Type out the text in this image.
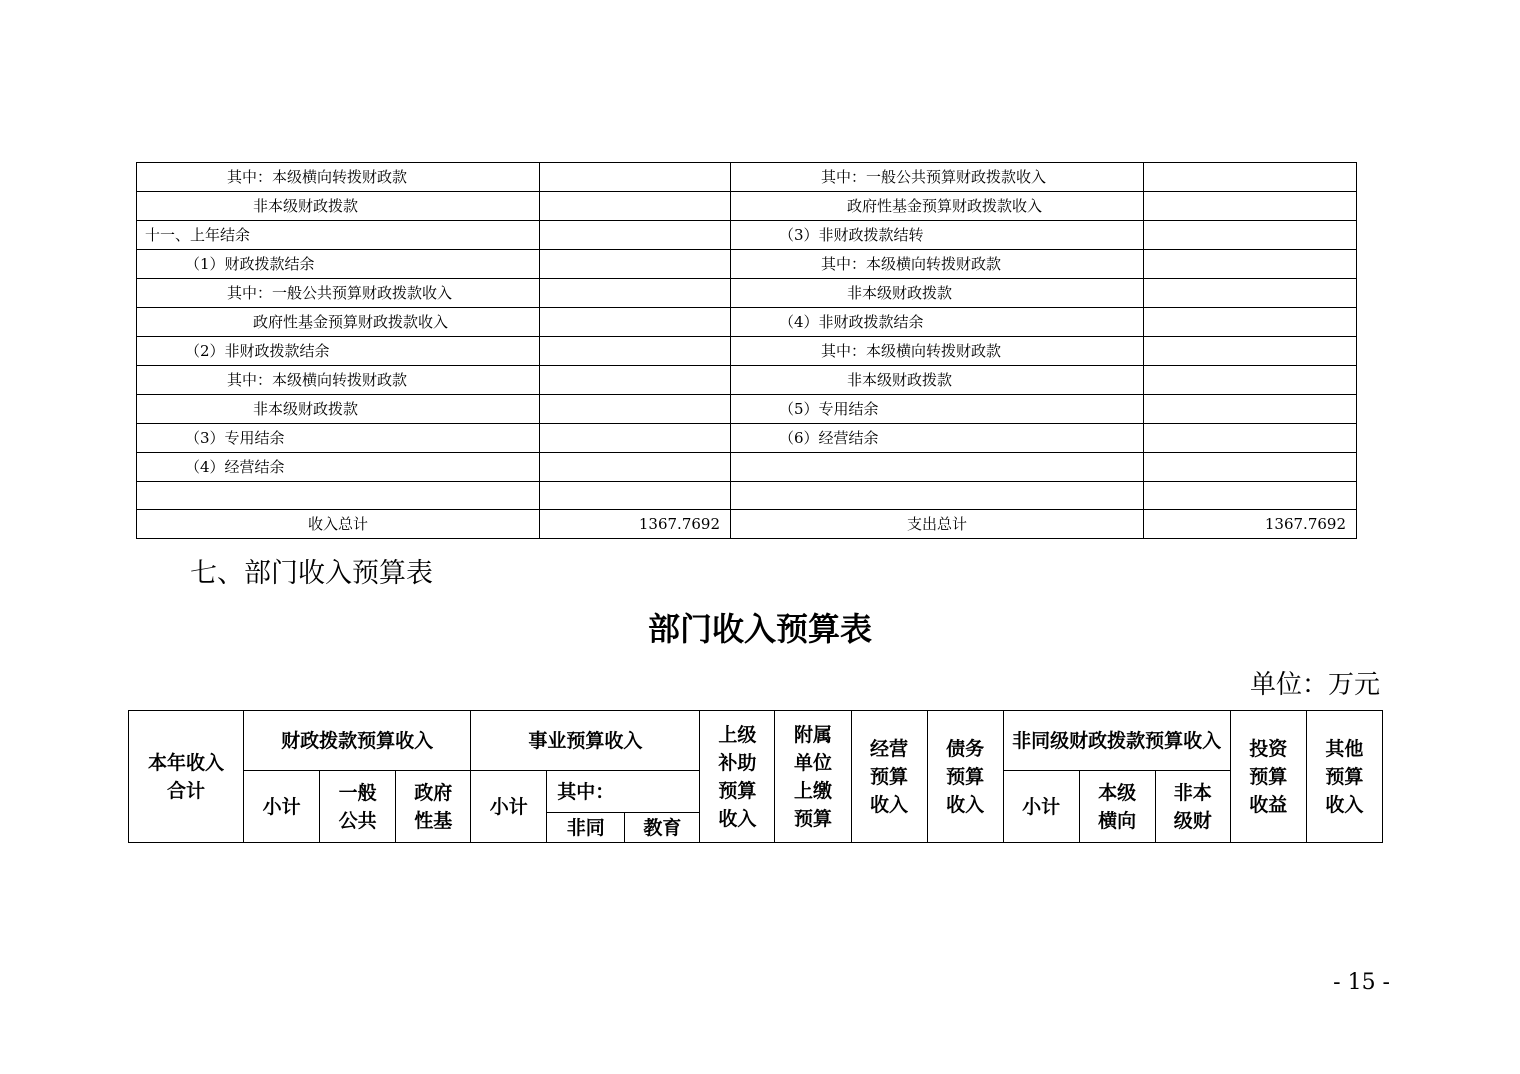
其中：本级横向转拨财政款		其中：一般公共预算财政拨款收入	
非本级财政拨款		政府性基金预算财政拨款收入	
十一、上年结余		（3）非财政拨款结转	
（1）财政拨款结余		其中：本级横向转拨财政款	
其中：一般公共预算财政拨款收入		非本级财政拨款	
政府性基金预算财政拨款收入		（4）非财政拨款结余	
（2）非财政拨款结余		其中：本级横向转拨财政款	
其中：本级横向转拨财政款		非本级财政拨款	
非本级财政拨款		（5）专用结余	
（3）专用结余		（6）经营结余	
（4）经营结余			

收入总计	1367.7692	支出总计	1367.7692
七、部门收入预算表
部门收入预算表
单位：万元
本年收入合计	财政拨款预算收入			事业预算收入			上级补助预算收入	附属单位上缴预算	经营预算收入	债务预算收入	非同级财政拨款预算收入			投资预算收益	其他预算收入
	小计	一般公共	政府性基	小计	其中：						小计	本级横向	非本级财		
					非同	教育									
- 15 -
